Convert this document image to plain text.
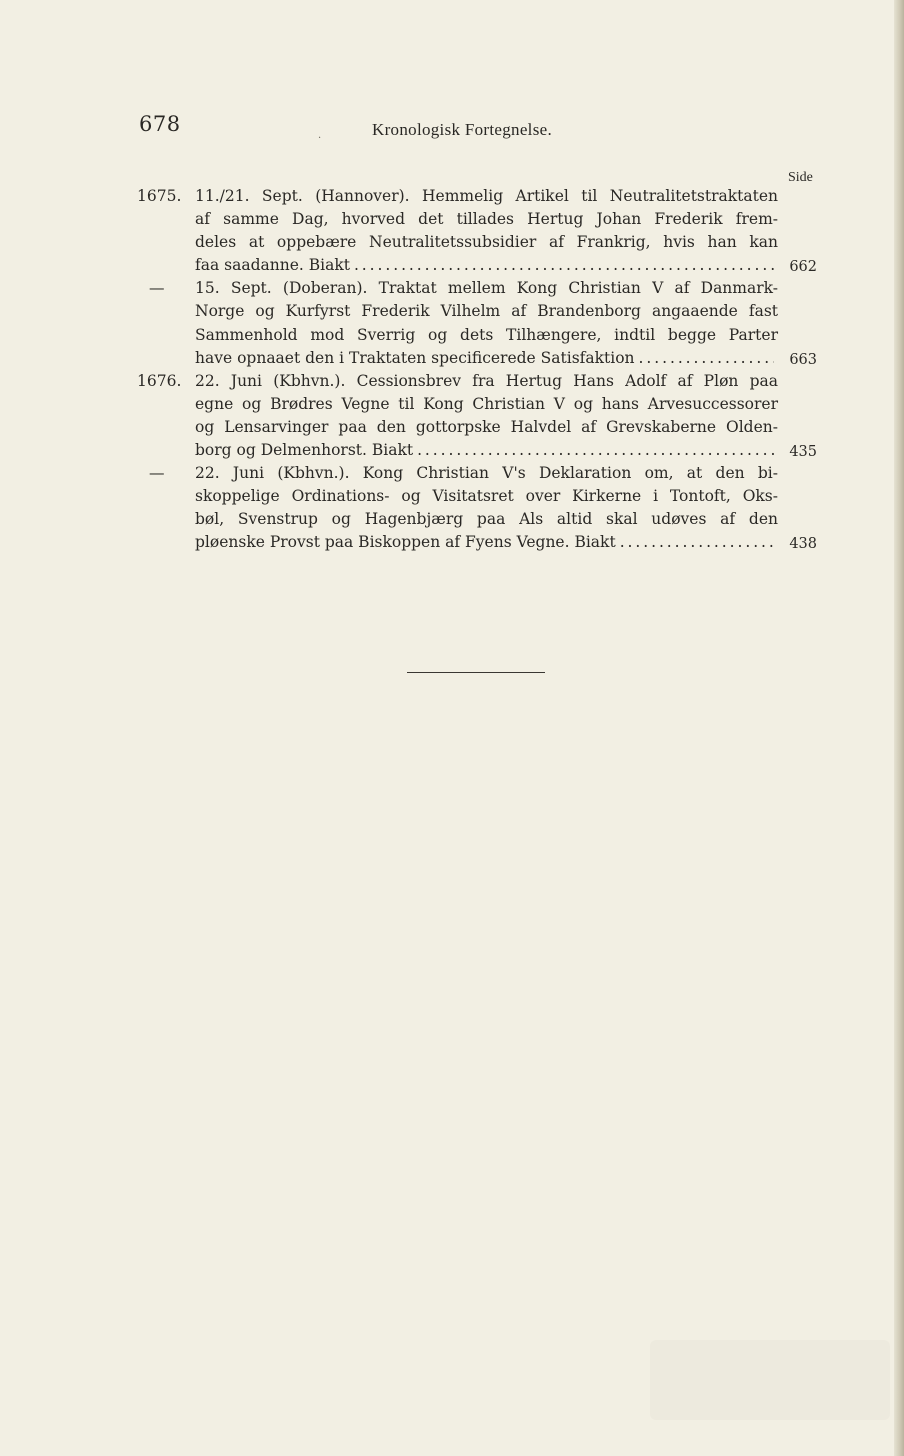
678	.	Kronologisk Fortegnelse.
Side
1675. 11./21. Sept. (Hannover). Hemmelig Artikel til Neutralitetstraktaten
af samme Dag, hvorved det tillades Hertug Johan Frederik frem-
deles at oppebære Neutralitetssubsidier af Frankrig, hvis han kan
faa saadanne. Biakt . . .	662
— 15. Sept. (Doberan). Traktat mellem Kong Christian V af Danmark-
Norge og Kurfyrst Frederik Vilhelm af Brandenborg angaaende fast
Sammenhold mod Sverrig og dets Tilhængere, indtil begge Parter
have opnaaet den i Traktaten specificerede Satisfaktion . . .	663
1676. 22. Juni (Kbhvn.). Cessionsbrev fra Hertug Hans Adolf af Pløn paa
egne og Brødres Vegne til Kong Christian V og hans Arvesuccessorer
og Lensarvinger paa den gottorpske Halvdel af Grevskaberne Olden-
borg og Delmenhorst. Biakt . . .	435
— 22. Juni (Kbhvn.). Kong Christian V's Deklaration om, at den bi-
skoppelige Ordinations- og Visitatsret over Kirkerne i Tontoft, Oks-
bøl, Svenstrup og Hagenbjærg paa Als altid skal udøves af den
pløenske Provst paa Biskoppen af Fyens Vegne. Biakt . . .	438
